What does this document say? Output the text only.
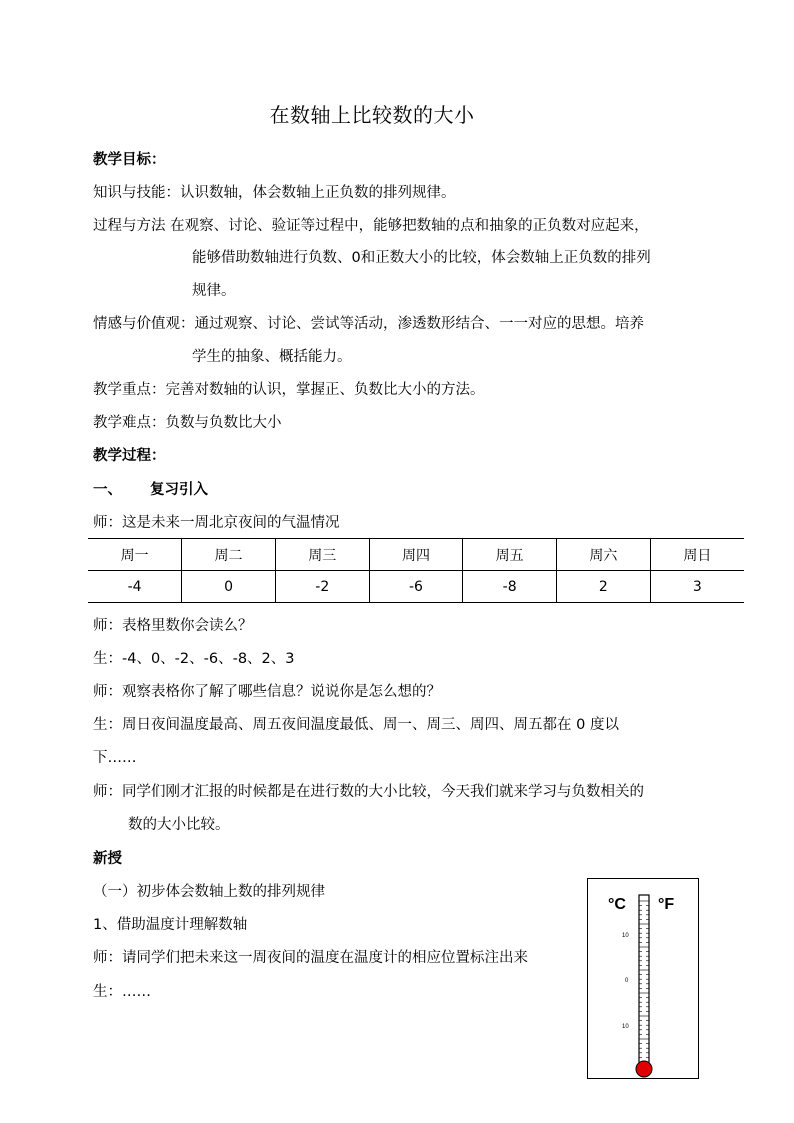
在数轴上比较数的大小
教学目标：
知识与技能：认识数轴，体会数轴上正负数的排列规律。
过程与方法 在观察、讨论、验证等过程中，能够把数轴的点和抽象的正负数对应起来，
能够借助数轴进行负数、0和正数大小的比较，体会数轴上正负数的排列
规律。
情感与价值观：通过观察、讨论、尝试等活动，渗透数形结合、一一对应的思想。培养
学生的抽象、概括能力。
教学重点：完善对数轴的认识，掌握正、负数比大小的方法。
教学难点：负数与负数比大小
教学过程：
一、 复习引入
师：这是未来一周北京夜间的气温情况
周一	周二	周三	周四	周五	周六	周日
-4	0	-2	-6	-8	2	3
师：表格里数你会读么？
生：-4、0、-2、-6、-8、2、3
师：观察表格你了解了哪些信息？说说你是怎么想的？
生：周日夜间温度最高、周五夜间温度最低、周一、周三、周四、周五都在 0 度以
下……
师：同学们刚才汇报的时候都是在进行数的大小比较，今天我们就来学习与负数相关的
数的大小比较。
新授
（一）初步体会数轴上数的排列规律
1、借助温度计理解数轴
师：请同学们把未来这一周夜间的温度在温度计的相应位置标注出来
生：……
°C °F
10
0
10
